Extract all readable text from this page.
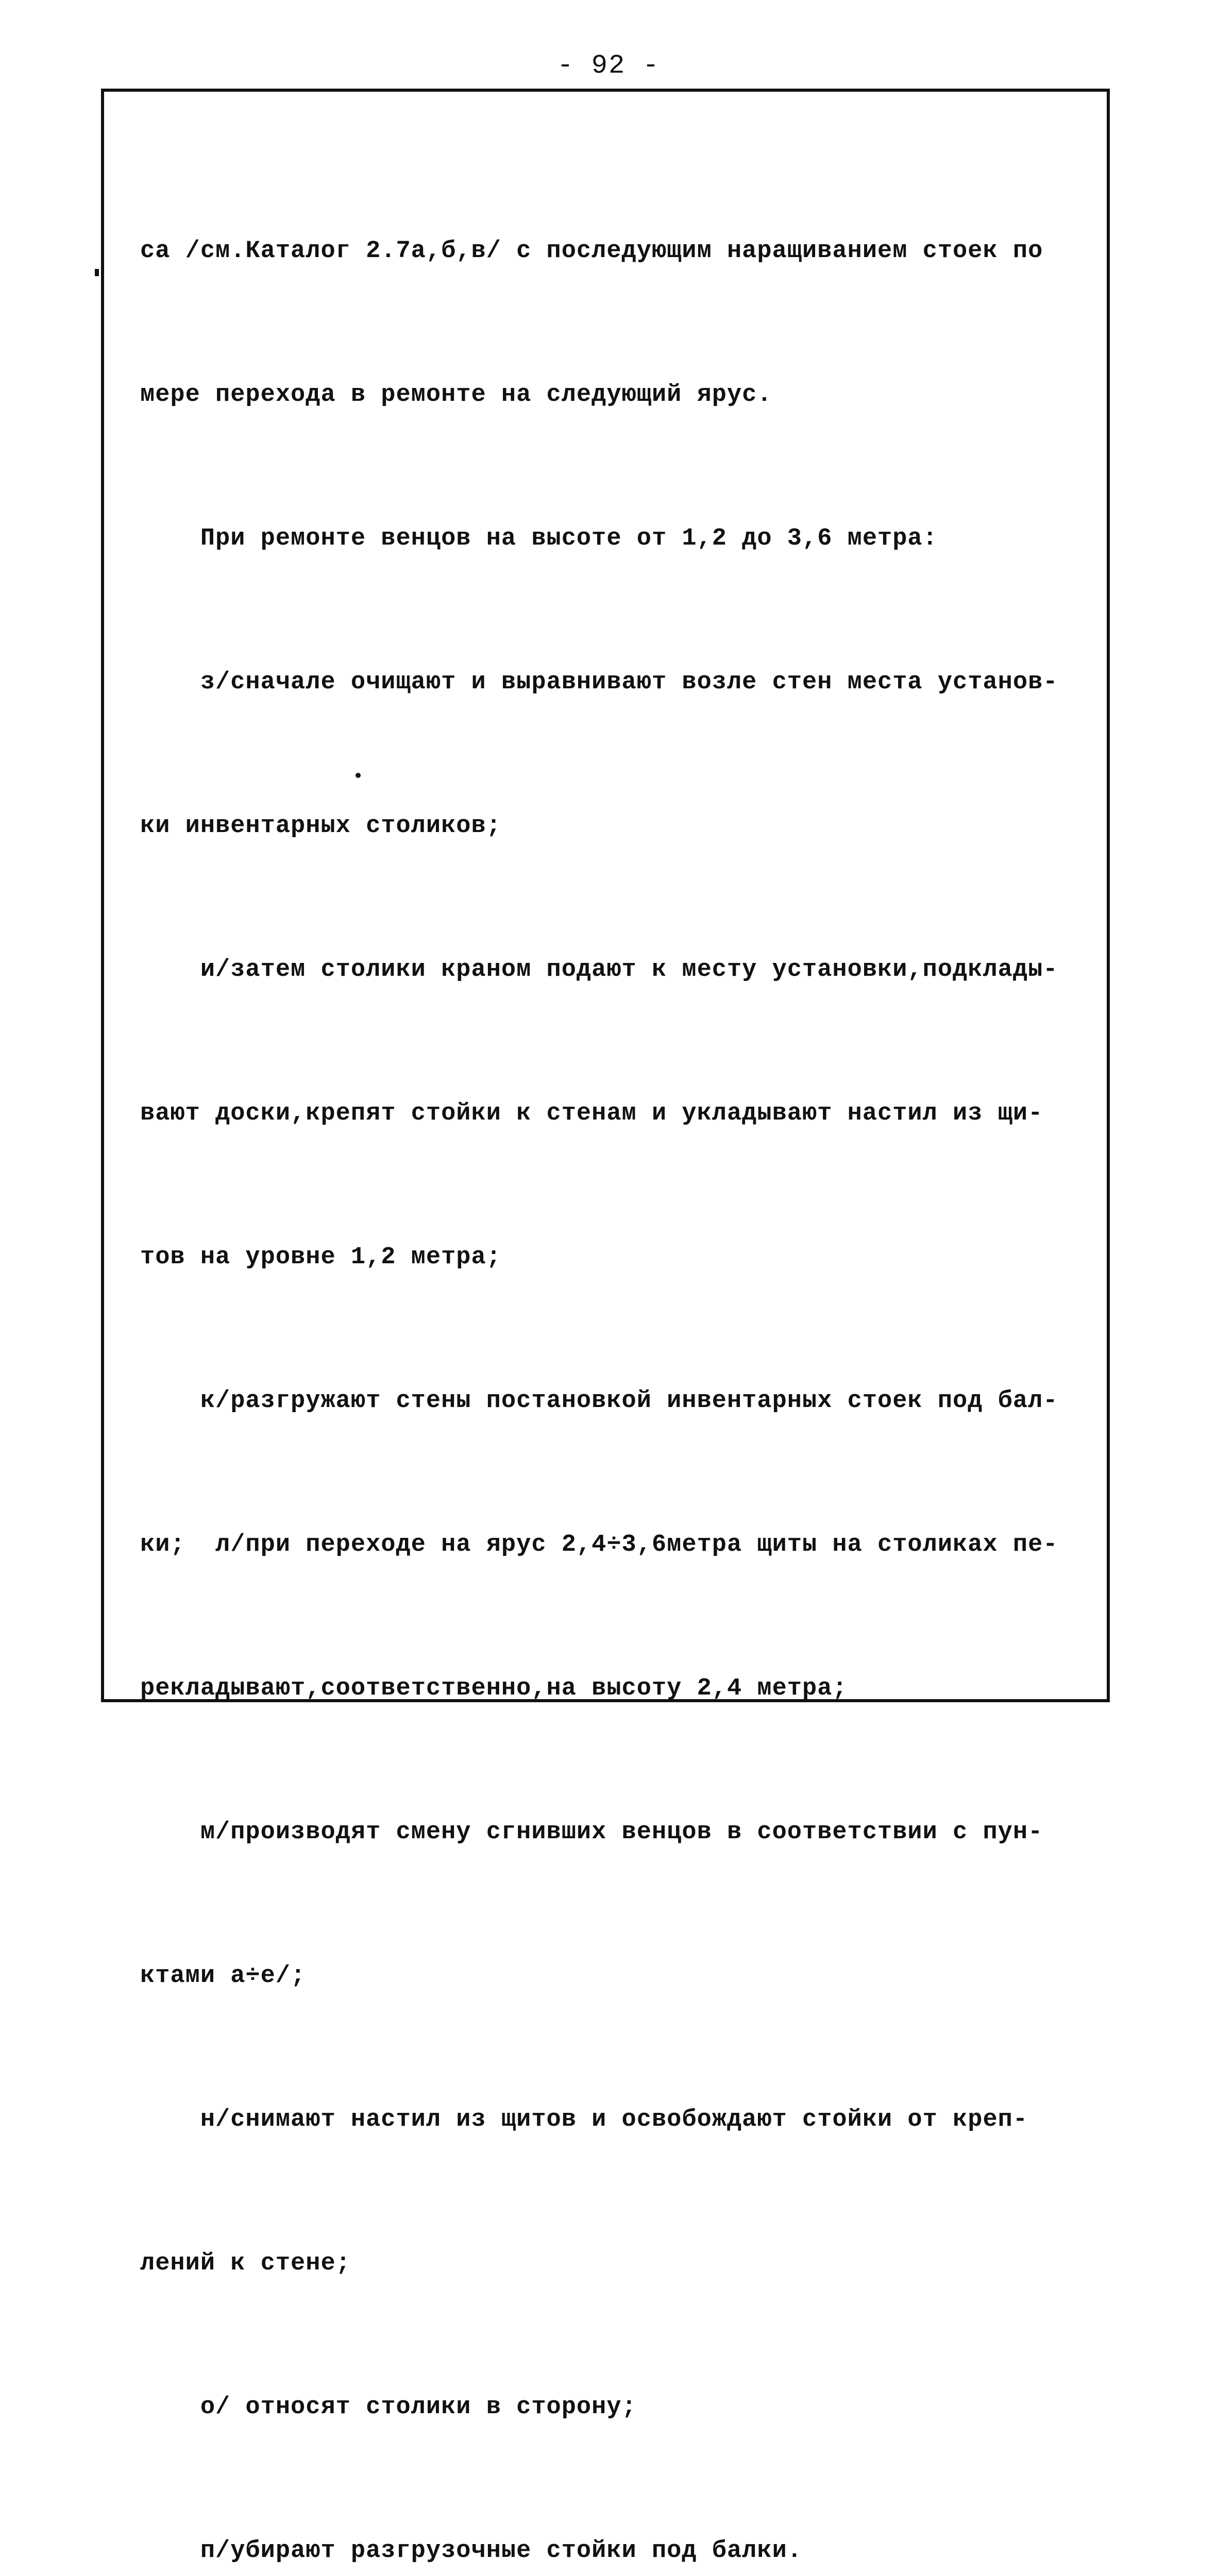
- 92 -

са /см.Каталог 2.7а,б,в/ с последующим наращиванием стоек по

мере перехода в ремонте на следующий ярус.

При ремонте венцов на высоте от 1,2 до 3,6 метра:

з/сначале очищают и выравнивают возле стен места установ-

ки инвентарных столиков;

и/затем столики краном подают к месту установки,подклады-

вают доски,крепят стойки к стенам и укладывают настил из щи-

тов на уровне 1,2 метра;

к/разгружают стены постановкой инвентарных стоек под бал-

ки;  л/при переходе на ярус 2,4÷3,6метра щиты на столиках пе-

рекладывают,соответственно,на высоту 2,4 метра;

м/производят смену сгнивших венцов в соответствии с пун-

ктами а÷е/;

н/снимают настил из щитов и освобождают стойки от креп-

лений к стене;

о/ относят столики в сторону;

п/убирают разгрузочные стойки под балки.
